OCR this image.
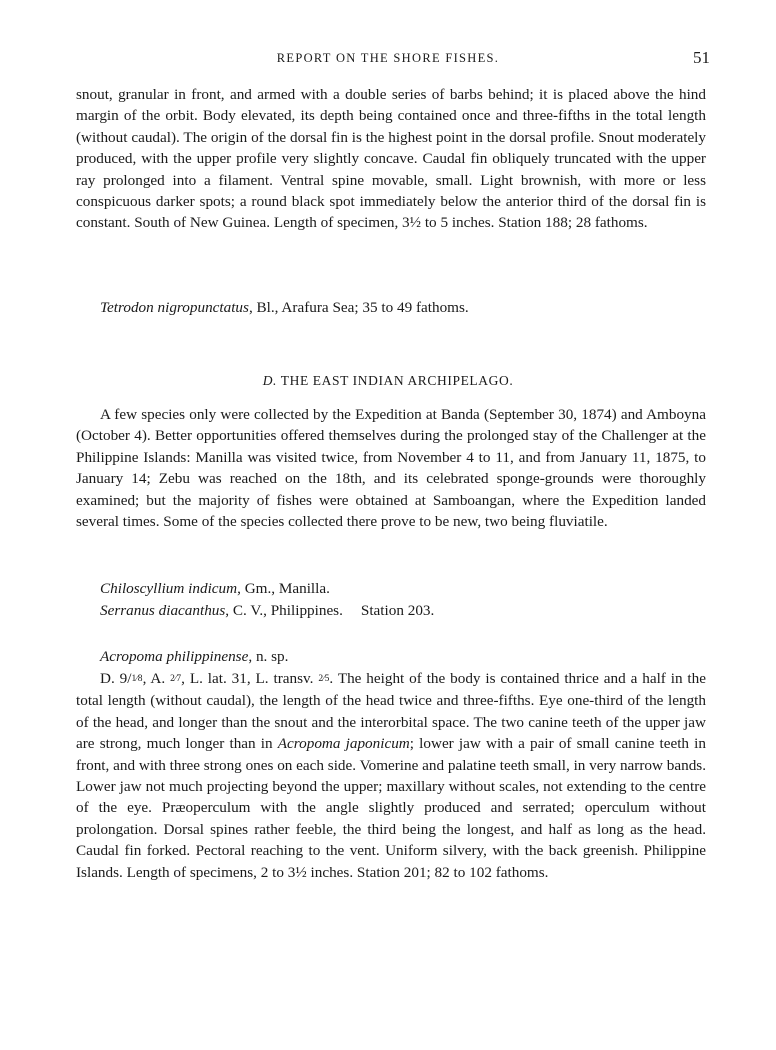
REPORT ON THE SHORE FISHES.	51

snout, granular in front, and armed with a double series of barbs behind; it is placed above the hind margin of the orbit. Body elevated, its depth being contained once and three-fifths in the total length (without caudal). The origin of the dorsal fin is the highest point in the dorsal profile. Snout moderately produced, with the upper profile very slightly concave. Caudal fin obliquely truncated with the upper ray prolonged into a filament. Ventral spine movable, small. Light brownish, with more or less conspicuous darker spots; a round black spot immediately below the anterior third of the dorsal fin is constant. South of New Guinea. Length of specimen, 3½ to 5 inches. Station 188; 28 fathoms.

Tetrodon nigropunctatus, Bl., Arafura Sea; 35 to 49 fathoms.
D. THE EAST INDIAN ARCHIPELAGO.

A few species only were collected by the Expedition at Banda (September 30, 1874) and Amboyna (October 4). Better opportunities offered themselves during the prolonged stay of the Challenger at the Philippine Islands: Manilla was visited twice, from November 4 to 11, and from January 11, 1875, to January 14; Zebu was reached on the 18th, and its celebrated sponge-grounds were thoroughly examined; but the majority of fishes were obtained at Samboangan, where the Expedition landed several times. Some of the species collected there prove to be new, two being fluviatile.

Chiloscyllium indicum, Gm., Manilla.
Serranus diacanthus, C. V., Philippines. Station 203.
Acropoma philippinense, n. sp.

D. 9/1⁄8, A. 2⁄7, L. lat. 31, L. transv. 2⁄5. The height of the body is contained thrice and a half in the total length (without caudal), the length of the head twice and three-fifths. Eye one-third of the length of the head, and longer than the snout and the interorbital space. The two canine teeth of the upper jaw are strong, much longer than in Acropoma japonicum; lower jaw with a pair of small canine teeth in front, and with three strong ones on each side. Vomerine and palatine teeth small, in very narrow bands. Lower jaw not much projecting beyond the upper; maxillary without scales, not extending to the centre of the eye. Præoperculum with the angle slightly produced and serrated; operculum without prolongation. Dorsal spines rather feeble, the third being the longest, and half as long as the head. Caudal fin forked. Pectoral reaching to the vent. Uniform silvery, with the back greenish. Philippine Islands. Length of specimens, 2 to 3½ inches. Station 201; 82 to 102 fathoms.
